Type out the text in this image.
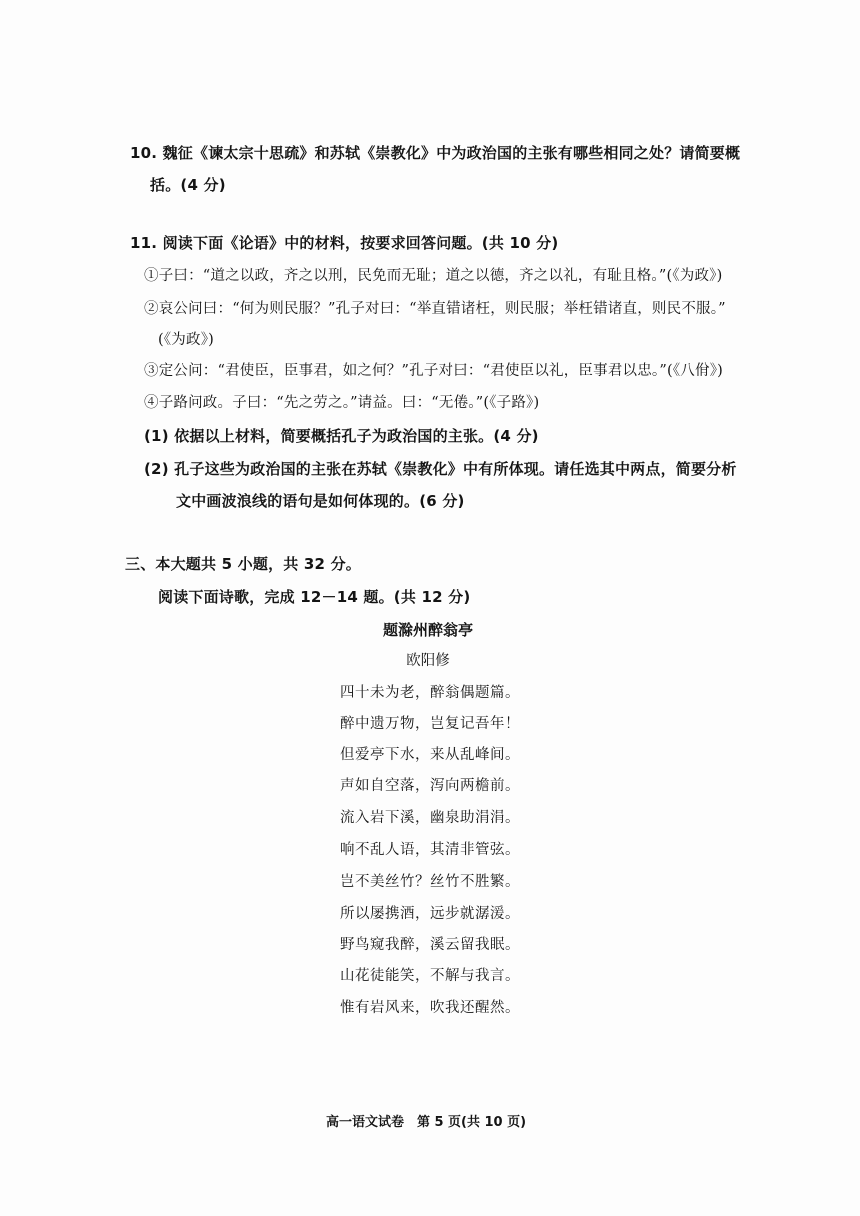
10. 魏征《谏太宗十思疏》和苏轼《崇教化》中为政治国的主张有哪些相同之处？请简要概
括。(4 分)
11. 阅读下面《论语》中的材料，按要求回答问题。(共 10 分)
①子曰：“道之以政，齐之以刑，民免而无耻；道之以德，齐之以礼，有耻且格。”(《为政》)
②哀公问曰：“何为则民服？”孔子对曰：“举直错诸枉，则民服；举枉错诸直，则民不服。”
(《为政》)
③定公问：“君使臣，臣事君，如之何？”孔子对曰：“君使臣以礼，臣事君以忠。”(《八佾》)
④子路问政。子曰：“先之劳之。”请益。曰：“无倦。”(《子路》)
(1) 依据以上材料，简要概括孔子为政治国的主张。(4 分)
(2) 孔子这些为政治国的主张在苏轼《崇教化》中有所体现。请任选其中两点，简要分析
文中画波浪线的语句是如何体现的。(6 分)
三、本大题共 5 小题，共 32 分。
阅读下面诗歌，完成 12－14 题。(共 12 分)
题滁州醉翁亭
欧阳修
四十未为老，醉翁偶题篇。
醉中遗万物，岂复记吾年！
但爱亭下水，来从乱峰间。
声如自空落，泻向两檐前。
流入岩下溪，幽泉助涓涓。
响不乱人语，其清非管弦。
岂不美丝竹？丝竹不胜繁。
所以屡携酒，远步就潺湲。
野鸟窥我醉，溪云留我眠。
山花徒能笑，不解与我言。
惟有岩风来，吹我还醒然。
高一语文试卷　第 5 页(共 10 页)
